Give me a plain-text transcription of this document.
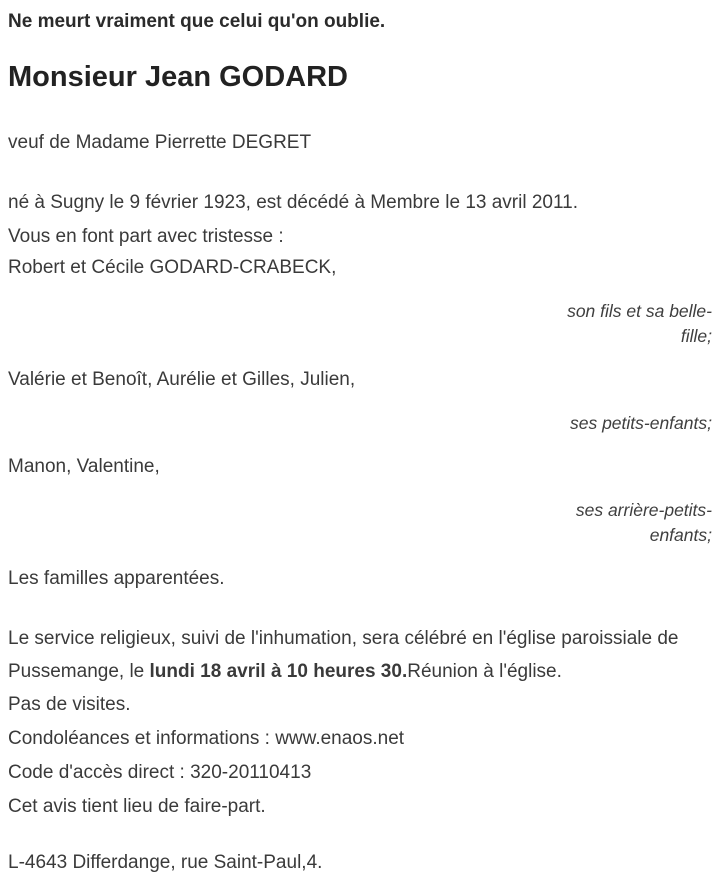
Ne meurt vraiment que celui qu'on oublie.

Monsieur Jean GODARD

veuf de Madame Pierrette DEGRET

né à Sugny le 9 février 1923, est décédé à Membre le 13 avril 2011.

Vous en font part avec tristesse :

Robert et Cécile GODARD-CRABECK,

son fils et sa belle-fille;

Valérie et Benoît, Aurélie et Gilles, Julien,

ses petits-enfants;

Manon, Valentine,

ses arrière-petits-enfants;

Les familles apparentées.

Le service religieux, suivi de l'inhumation, sera célébré en l'église paroissiale de Pussemange, le lundi 18 avril à 10 heures 30.Réunion à l'église.

Pas de visites.

Condoléances et informations : www.enaos.net

Code d'accès direct : 320-20110413

Cet avis tient lieu de faire-part.

L-4643 Differdange, rue Saint-Paul,4.
